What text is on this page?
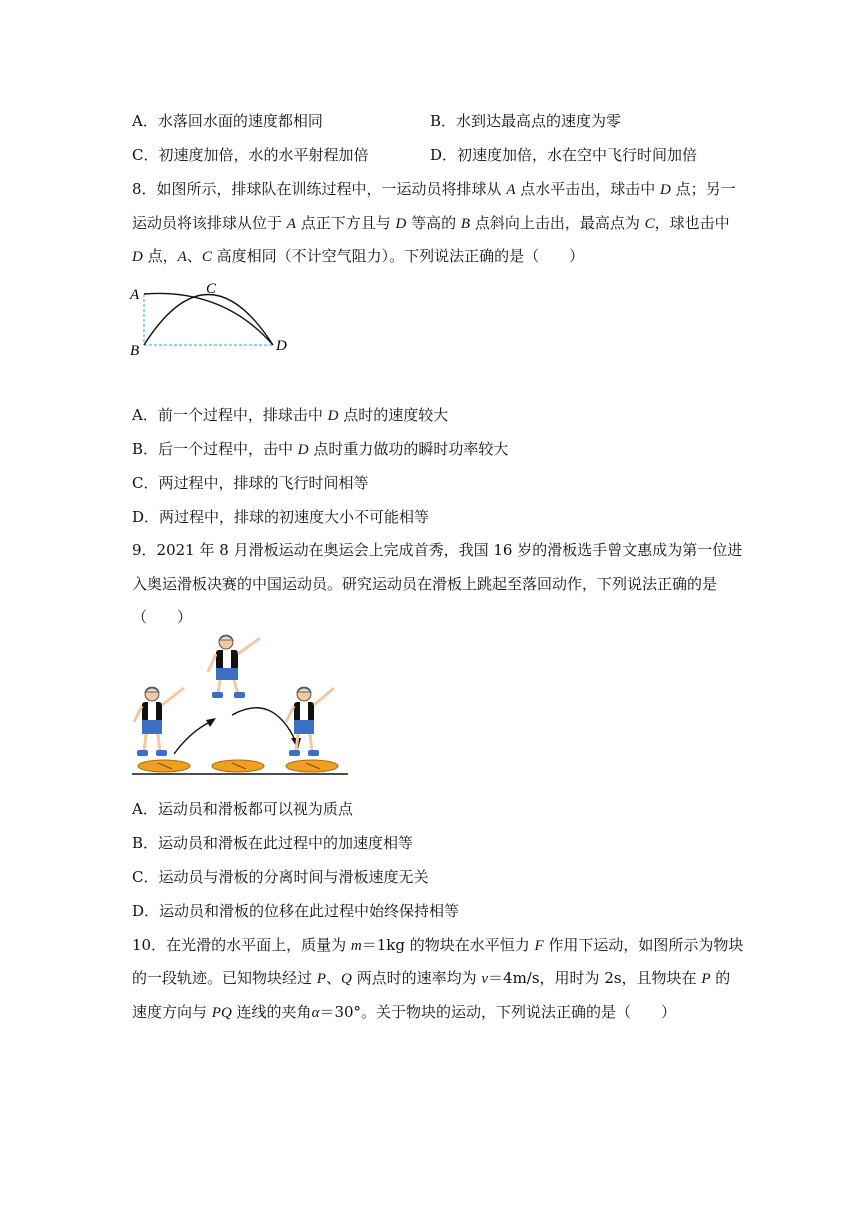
A．水落回水面的速度都相同	B．水到达最高点的速度为零
C．初速度加倍，水的水平射程加倍	D．初速度加倍，水在空中飞行时间加倍
8．如图所示，排球队在训练过程中，一运动员将排球从 A 点水平击出，球击中 D 点；另一
运动员将该排球从位于 A 点正下方且与 D 等高的 B 点斜向上击出，最高点为 C，球也击中
D 点，A、C 高度相同（不计空气阻力）。下列说法正确的是（　　）
A
B
C
D
A．前一个过程中，排球击中 D 点时的速度较大
B．后一个过程中，击中 D 点时重力做功的瞬时功率较大
C．两过程中，排球的飞行时间相等
D．两过程中，排球的初速度大小不可能相等
9．2021 年 8 月滑板运动在奥运会上完成首秀，我国 16 岁的滑板选手曾文惠成为第一位进
入奥运滑板决赛的中国运动员。研究运动员在滑板上跳起至落回动作，下列说法正确的是
（　　）
A．运动员和滑板都可以视为质点
B．运动员和滑板在此过程中的加速度相等
C．运动员与滑板的分离时间与滑板速度无关
D．运动员和滑板的位移在此过程中始终保持相等
10．在光滑的水平面上，质量为 m＝1kg 的物块在水平恒力 F 作用下运动，如图所示为物块
的一段轨迹。已知物块经过 P、Q 两点时的速率均为 v＝4m/s，用时为 2s，且物块在 P 的
速度方向与 PQ 连线的夹角α＝30°。关于物块的运动，下列说法正确的是（　　）
